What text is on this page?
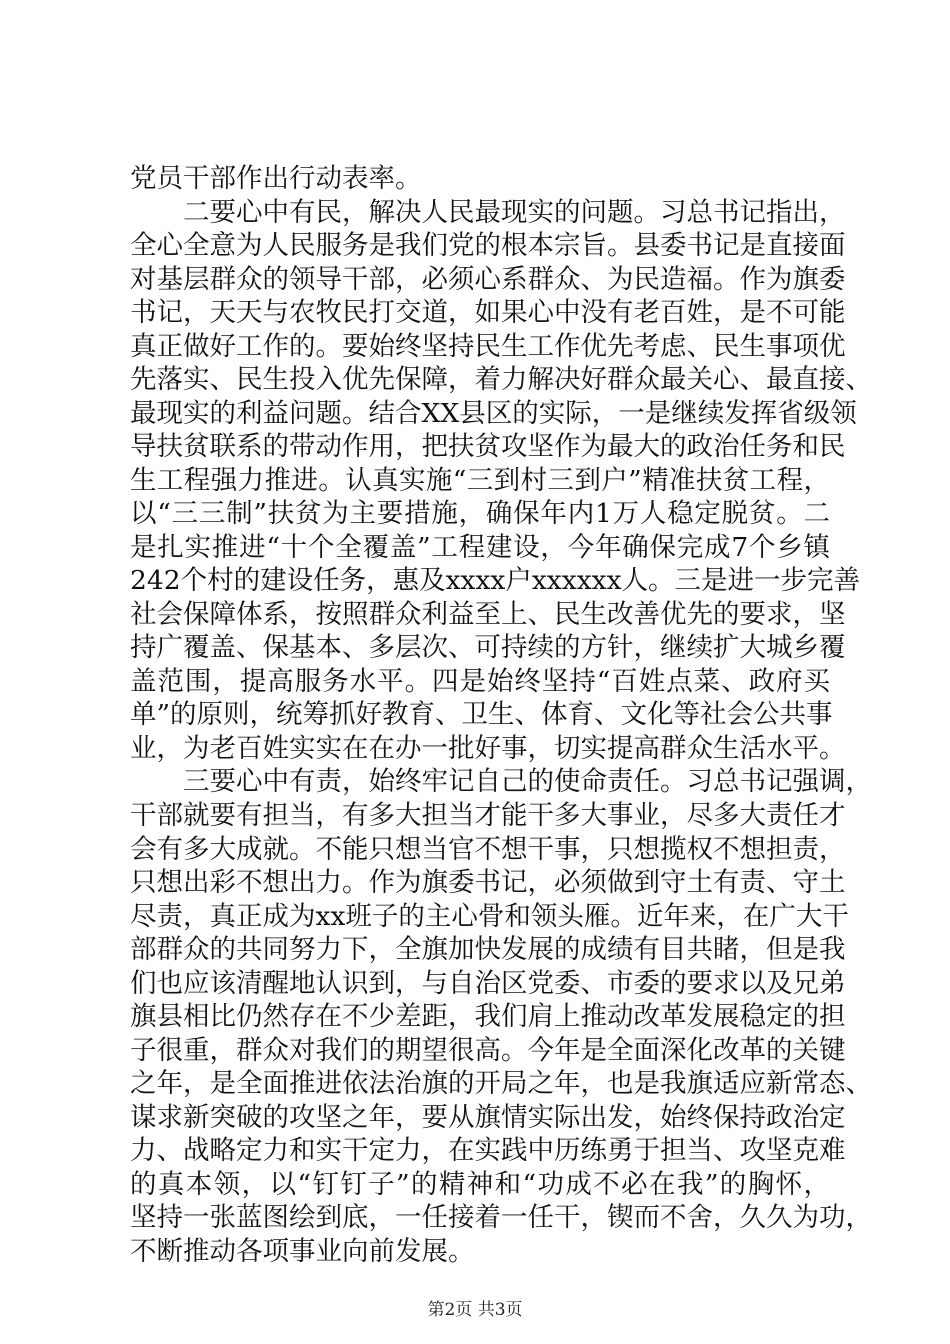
党员干部作出行动表率。
二要心中有民，解决人民最现实的问题。习总书记指出，
全心全意为人民服务是我们党的根本宗旨。县委书记是直接面
对基层群众的领导干部，必须心系群众、为民造福。作为旗委
书记，天天与农牧民打交道，如果心中没有老百姓，是不可能
真正做好工作的。要始终坚持民生工作优先考虑、民生事项优
先落实、民生投入优先保障，着力解决好群众最关心、最直接、
最现实的利益问题。结合XX县区的实际，一是继续发挥省级领
导扶贫联系的带动作用，把扶贫攻坚作为最大的政治任务和民
生工程强力推进。认真实施“三到村三到户”精准扶贫工程，
以“三三制”扶贫为主要措施，确保年内1万人稳定脱贫。二
是扎实推进“十个全覆盖”工程建设，今年确保完成7个乡镇
242个村的建设任务，惠及xxxx户xxxxxx人。三是进一步完善
社会保障体系，按照群众利益至上、民生改善优先的要求，坚
持广覆盖、保基本、多层次、可持续的方针，继续扩大城乡覆
盖范围，提高服务水平。四是始终坚持“百姓点菜、政府买
单”的原则，统筹抓好教育、卫生、体育、文化等社会公共事
业，为老百姓实实在在办一批好事，切实提高群众生活水平。
三要心中有责，始终牢记自己的使命责任。习总书记强调，
干部就要有担当，有多大担当才能干多大事业，尽多大责任才
会有多大成就。不能只想当官不想干事，只想揽权不想担责，
只想出彩不想出力。作为旗委书记，必须做到守土有责、守土
尽责，真正成为xx班子的主心骨和领头雁。近年来，在广大干
部群众的共同努力下，全旗加快发展的成绩有目共睹，但是我
们也应该清醒地认识到，与自治区党委、市委的要求以及兄弟
旗县相比仍然存在不少差距，我们肩上推动改革发展稳定的担
子很重，群众对我们的期望很高。今年是全面深化改革的关键
之年，是全面推进依法治旗的开局之年，也是我旗适应新常态、
谋求新突破的攻坚之年，要从旗情实际出发，始终保持政治定
力、战略定力和实干定力，在实践中历练勇于担当、攻坚克难
的真本领，以“钉钉子”的精神和“功成不必在我”的胸怀，
坚持一张蓝图绘到底，一任接着一任干，锲而不舍，久久为功，
不断推动各项事业向前发展。
第2页 共3页
